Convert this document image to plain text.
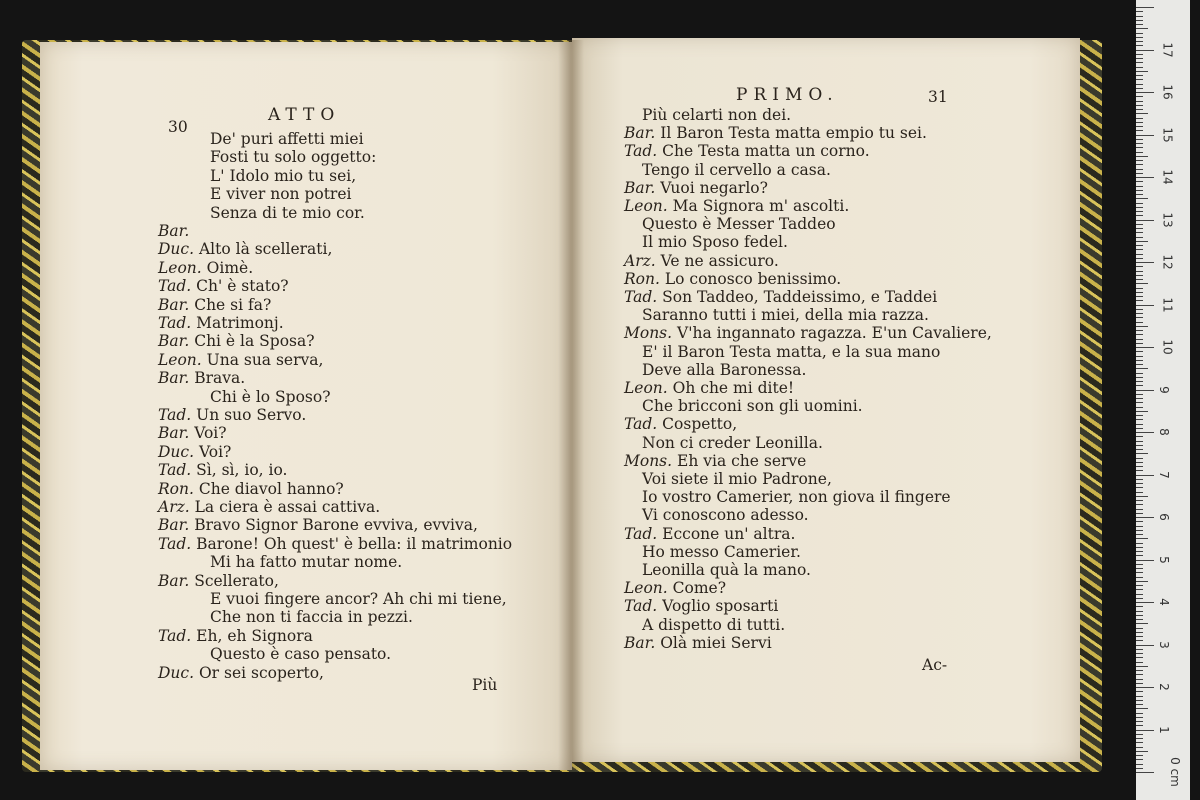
ATTO
30
De' puri affetti miei
Fosti tu solo oggetto:
L' Idolo mio tu sei,
E viver non potrei
Senza di te mio cor.
Bar.
Duc. Alto là scellerati,
Leon. Oimè.
Tad. Ch' è stato?
Bar. Che si fa?
Tad. Matrimonj.
Bar. Chi è la Sposa?
Leon. Una sua serva,
Bar. Brava.
Chi è lo Sposo?
Tad. Un suo Servo.
Bar. Voi?
Duc. Voi?
Tad. Sì, sì, io, io.
Ron. Che diavol hanno?
Arz. La ciera è assai cattiva.
Bar. Bravo Signor Barone evviva, evviva,
Tad. Barone! Oh quest' è bella: il matrimonio
Mi ha fatto mutar nome.
Bar. Scellerato,
E vuoi fingere ancor? Ah chi mi tiene,
Che non ti faccia in pezzi.
Tad. Eh, eh Signora
Questo è caso pensato.
Duc. Or sei scoperto,
Più
PRIMO.	31
Più celarti non dei.
Bar. Il Baron Testa matta empio tu sei.
Tad. Che Testa matta un corno.
Tengo il cervello a casa.
Bar. Vuoi negarlo?
Leon. Ma Signora m' ascolti.
Questo è Messer Taddeo
Il mio Sposo fedel.
Arz. Ve ne assicuro.
Ron. Lo conosco benissimo.
Tad. Son Taddeo, Taddeissimo, e Taddei
Saranno tutti i miei, della mia razza.
Mons. V'ha ingannato ragazza. E'un Cavaliere,
E' il Baron Testa matta, e la sua mano
Deve alla Baronessa.
Leon. Oh che mi dite!
Che bricconi son gli uomini.
Tad. Cospetto,
Non ci creder Leonilla.
Mons. Eh via che serve
Voi siete il mio Padrone,
Io vostro Camerier, non giova il fingere
Vi conoscono adesso.
Tad. Eccone un' altra.
Ho messo Camerier.
Leonilla quà la mano.
Leon. Come?
Tad. Voglio sposarti
A dispetto di tutti.
Bar. Olà miei Servi
Ac-
0 cm
1
2
3
4
5
6
7
8
9
10
11
12
13
14
15
16
17
